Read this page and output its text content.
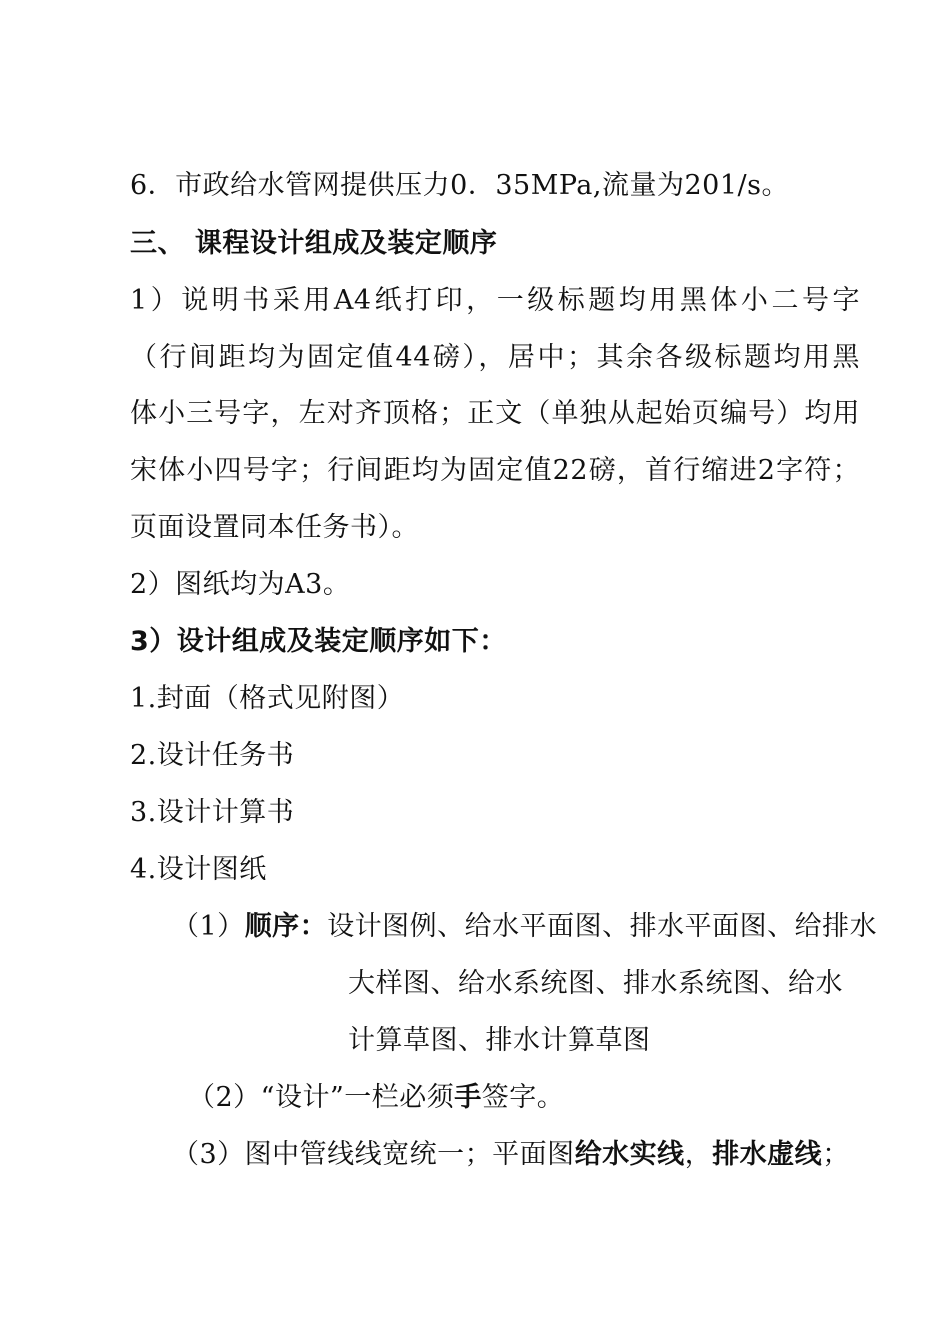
6．市政给水管网提供压力0．35MPa,流量为201/s。
三、 课程设计组成及装定顺序
1）说明书采用A4纸打印，一级标题均用黑体小二号字
（行间距均为固定值44磅），居中；其余各级标题均用黑
体小三号字，左对齐顶格；正文（单独从起始页编号）均用
宋体小四号字；行间距均为固定值22磅，首行缩进2字符；
页面设置同本任务书）。
2）图纸均为A3。
3）设计组成及装定顺序如下：
1.封面（格式见附图）
2.设计任务书
3.设计计算书
4.设计图纸
（1）顺序：设计图例、给水平面图、排水平面图、给排水
大样图、给水系统图、排水系统图、给水
计算草图、排水计算草图
（2）“设计”一栏必须手签字。
（3）图中管线线宽统一；平面图给水实线，排水虚线；
